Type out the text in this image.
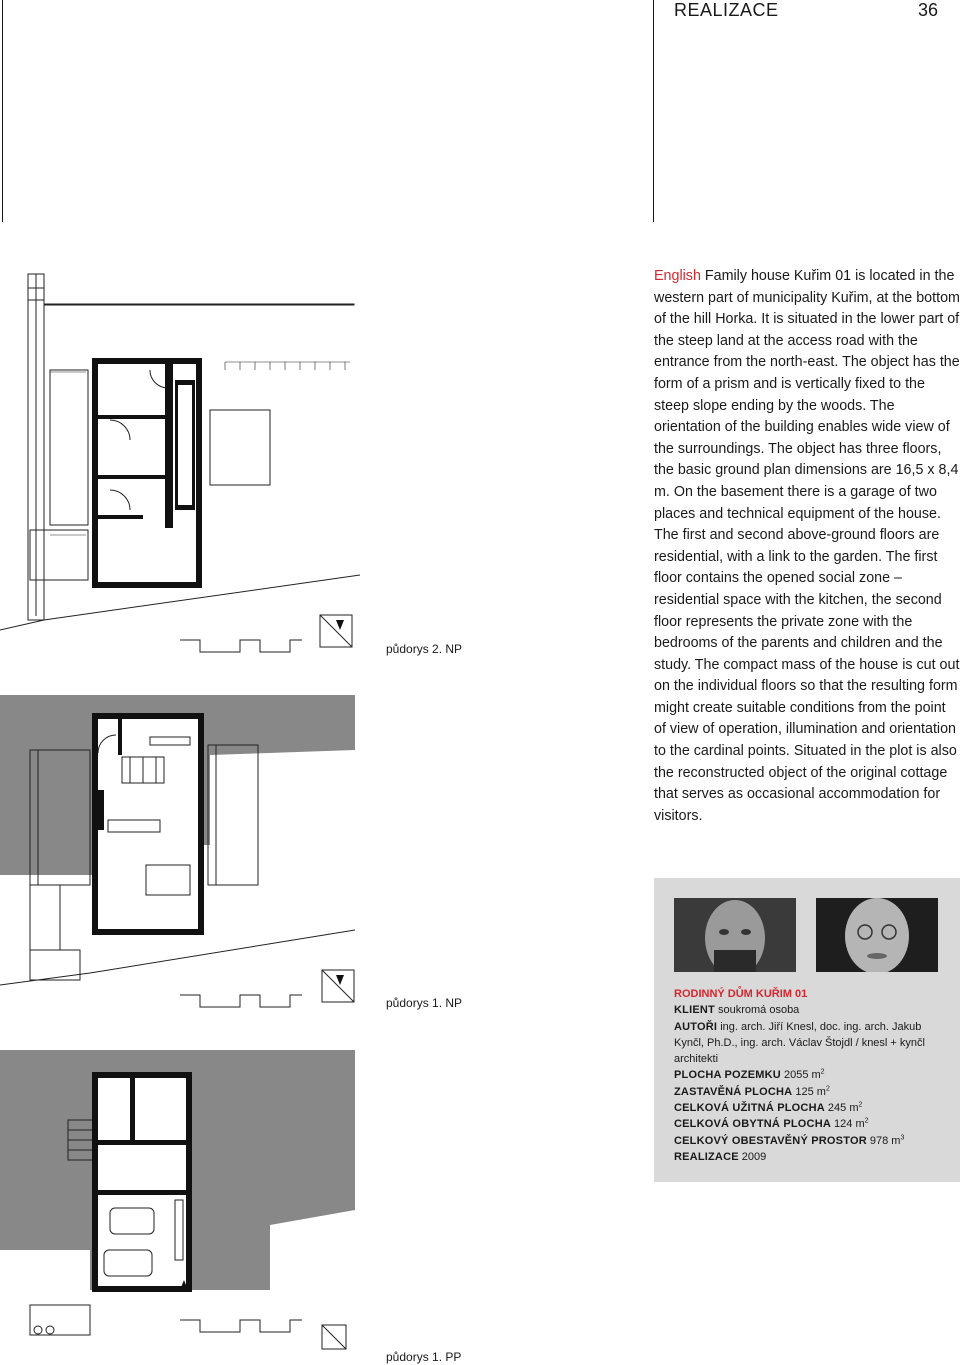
REALIZACE	36
půdorys 2. NP
půdorys 1. NP
půdorys 1. PP
English Family house Kuřim 01 is located in the western part of municipality Kuřim, at the bottom of the hill Horka. It is situated in the lower part of the steep land at the access road with the entrance from the north-east. The object has the form of a prism and is vertically fixed to the steep slope ending by the woods. The orientation of the building enables wide view of the surroundings. The object has three floors, the basic ground plan dimensions are 16,5 x 8,4 m. On the basement there is a garage of two places and technical equipment of the house. The first and second above-ground floors are residential, with a link to the garden. The first floor contains the opened social zone – residential space with the kitchen, the second floor represents the private zone with the bedrooms of the parents and children and the study. The compact mass of the house is cut out on the individual floors so that the resulting form might create suitable conditions from the point of view of operation, illumination and orientation to the cardinal points. Situated in the plot is also the reconstructed object of the original cottage that serves as occasional accommodation for visitors.
RODINNÝ DŮM KUŘIM 01
KLIENT soukromá osoba
AUTOŘI ing. arch. Jiří Knesl, doc. ing. arch. Jakub Kynčl, Ph.D., ing. arch. Václav Štojdl / knesl + kynčl architekti
PLOCHA POZEMKU 2055 $m^2$
ZASTAVĚNÁ PLOCHA 125 $m^2$
CELKOVÁ UŽITNÁ PLOCHA 245 $m^2$
CELKOVÁ OBYTNÁ PLOCHA 124 $m^2$
CELKOVÝ OBESTAVĚNÝ PROSTOR 978 $m^3$
REALIZACE 2009
